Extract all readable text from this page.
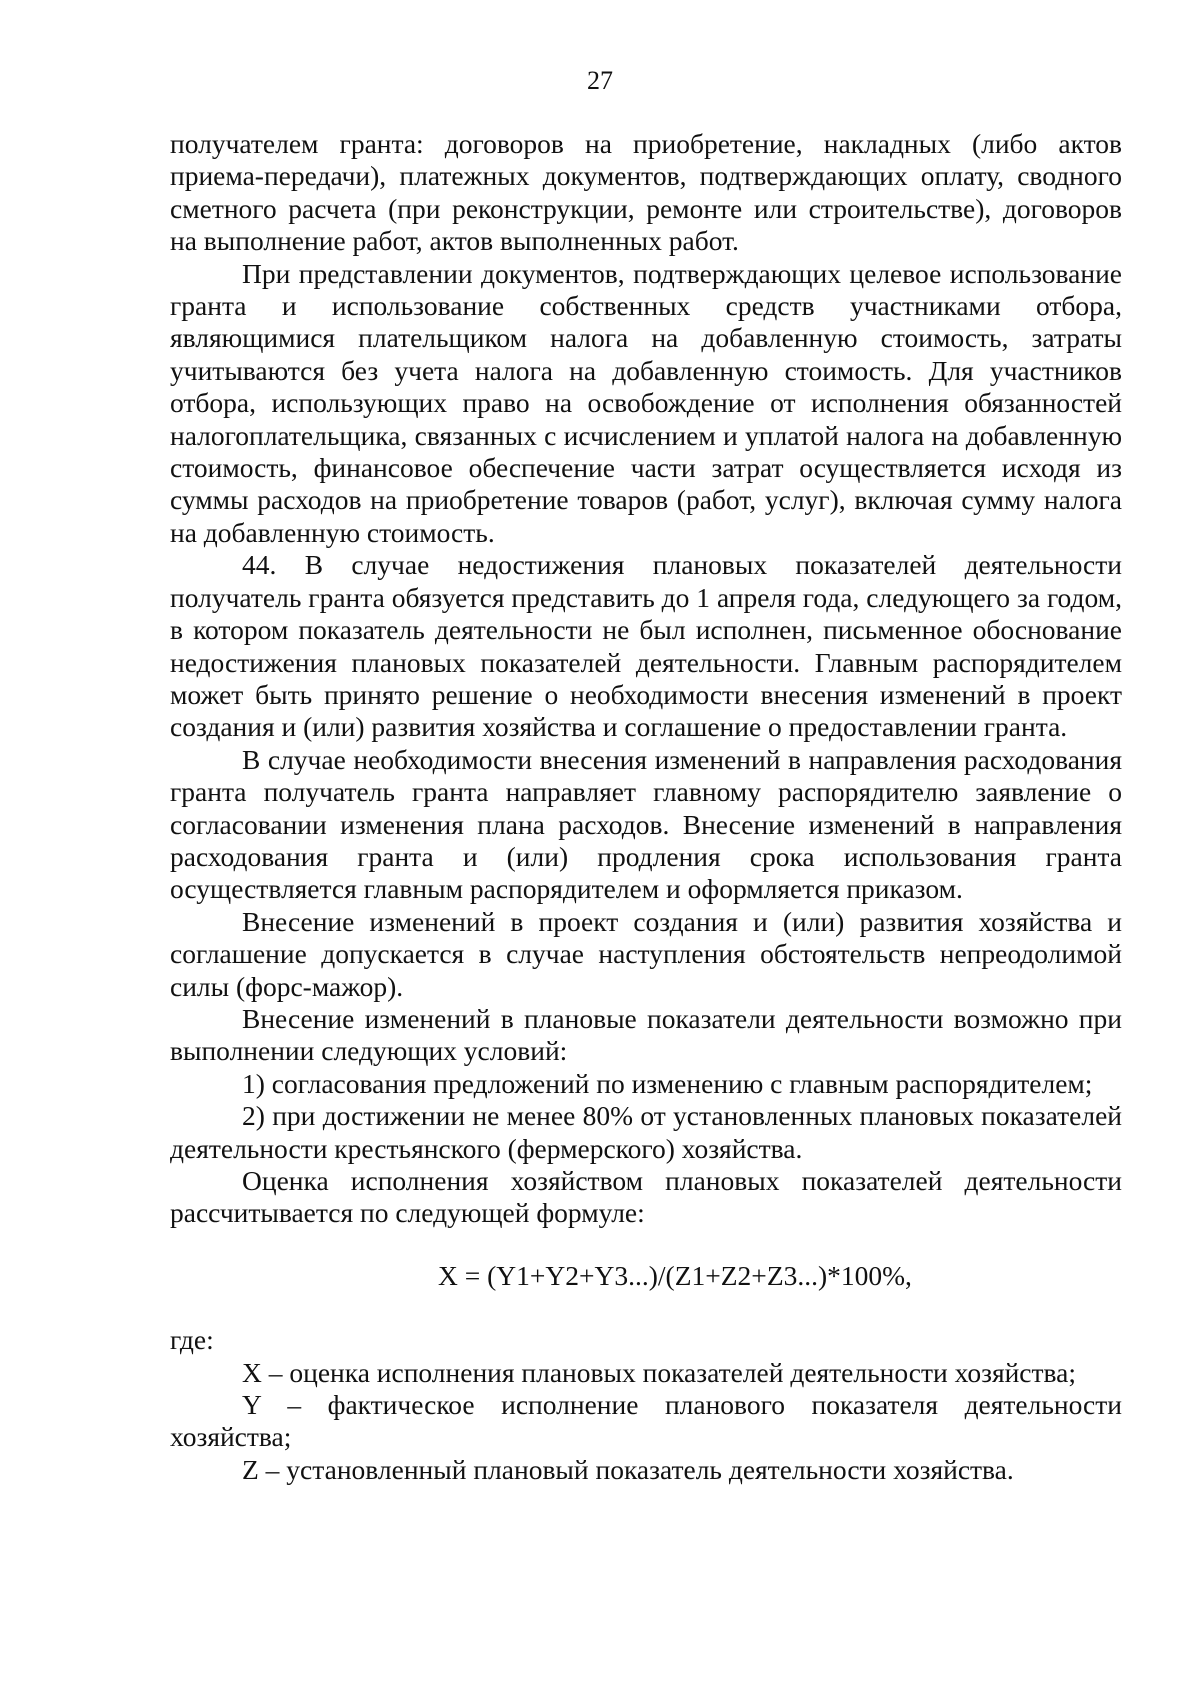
27

получателем гранта: договоров на приобретение, накладных (либо актов приема-передачи), платежных документов, подтверждающих оплату, сводного сметного расчета (при реконструкции, ремонте или строительстве), договоров на выполнение работ, актов выполненных работ.

При представлении документов, подтверждающих целевое использование гранта и использование собственных средств участниками отбора, являющимися плательщиком налога на добавленную стоимость, затраты учитываются без учета налога на добавленную стоимость. Для участников отбора, использующих право на освобождение от исполнения обязанностей налогоплательщика, связанных с исчислением и уплатой налога на добавленную стоимость, финансовое обеспечение части затрат осуществляется исходя из суммы расходов на приобретение товаров (работ, услуг), включая сумму налога на добавленную стоимость.

44. В случае недостижения плановых показателей деятельности получатель гранта обязуется представить до 1 апреля года, следующего за годом, в котором показатель деятельности не был исполнен, письменное обоснование недостижения плановых показателей деятельности. Главным распорядителем может быть принято решение о необходимости внесения изменений в проект создания и (или) развития хозяйства и соглашение о предоставлении гранта.

В случае необходимости внесения изменений в направления расходования гранта получатель гранта направляет главному распорядителю заявление о согласовании изменения плана расходов. Внесение изменений в направления расходования гранта и (или) продления срока использования гранта осуществляется главным распорядителем и оформляется приказом.

Внесение изменений в проект создания и (или) развития хозяйства и соглашение допускается в случае наступления обстоятельств непреодолимой силы (форс-мажор).

Внесение изменений в плановые показатели деятельности возможно при выполнении следующих условий:

1) согласования предложений по изменению с главным распорядителем;

2) при достижении не менее 80% от установленных плановых показателей деятельности крестьянского (фермерского) хозяйства.

Оценка исполнения хозяйством плановых показателей деятельности рассчитывается по следующей формуле:

X = (Y1+Y2+Y3...)/(Z1+Z2+Z3...)*100%,

где:

X – оценка исполнения плановых показателей деятельности хозяйства;

Y – фактическое исполнение планового показателя деятельности хозяйства;

Z – установленный плановый показатель деятельности хозяйства.
